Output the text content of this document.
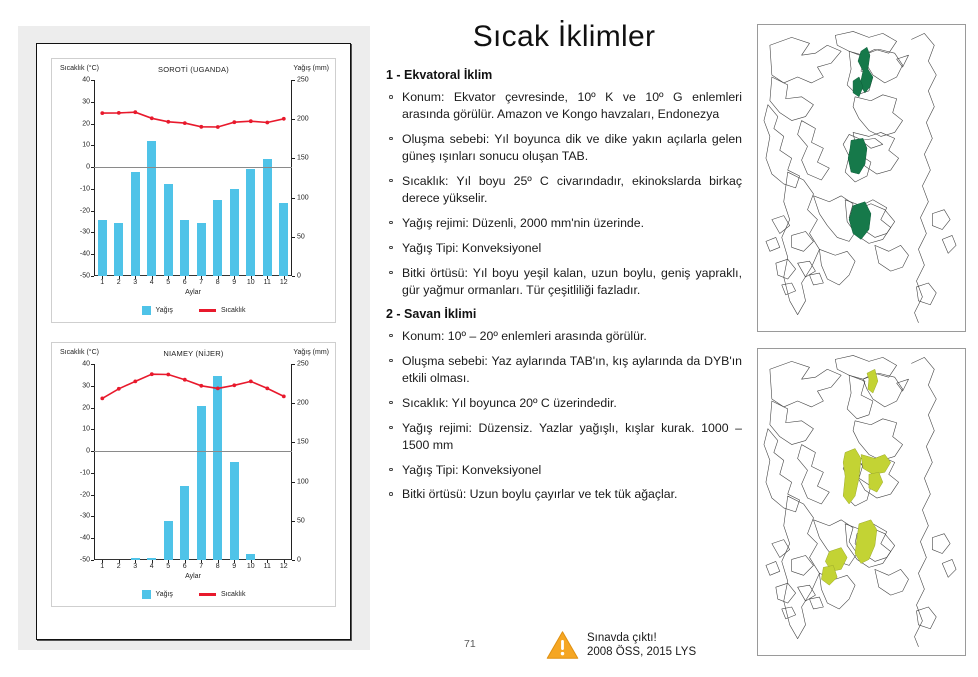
Sıcaklık (°C)	SOROTİ (UGANDA)	Yağış (mm)
40
30
20
10
0
-10
-20
-30
-40
-50
250
200
150
100
50
0
1 2 3 4 5 6 7 8 9 10 11 12
Aylar
Yağış	Sıcaklık
Sıcaklık (°C)	NIAMEY (NİJER)	Yağış (mm)
40
30
20
10
0
-10
-20
-30
-40
-50
250
200
150
100
50
0
1 2 3 4 5 6 7 8 9 10 11 12
Aylar
Yağış	Sıcaklık
Sıcak İklimler
1 - Ekvatoral İklim
Konum: Ekvator çevresinde, 10º K ve 10º G enlemleri arasında görülür. Amazon ve Kongo havzaları, Endonezya
Oluşma sebebi: Yıl boyunca dik ve dike yakın açılarla gelen güneş ışınları sonucu oluşan TAB.
Sıcaklık: Yıl boyu 25º C civarındadır, ekinokslarda birkaç derece yükselir.
Yağış rejimi: Düzenli, 2000 mm'nin üzerinde.
Yağış Tipi: Konveksiyonel
Bitki örtüsü: Yıl boyu yeşil kalan, uzun boylu, geniş yapraklı, gür yağmur ormanları. Tür çeşitliliği fazladır.
2 - Savan İklimi
Konum: 10º – 20º enlemleri arasında görülür.
Oluşma sebebi: Yaz aylarında TAB'ın, kış aylarında da DYB'ın etkili olması.
Sıcaklık: Yıl boyunca 20º C üzerindedir.
Yağış rejimi: Düzensiz. Yazlar yağışlı, kışlar kurak. 1000 – 1500 mm
Yağış Tipi: Konveksiyonel
Bitki örtüsü: Uzun boylu çayırlar ve tek tük ağaçlar.
71
Sınavda çıktı!
2008 ÖSS, 2015 LYS
